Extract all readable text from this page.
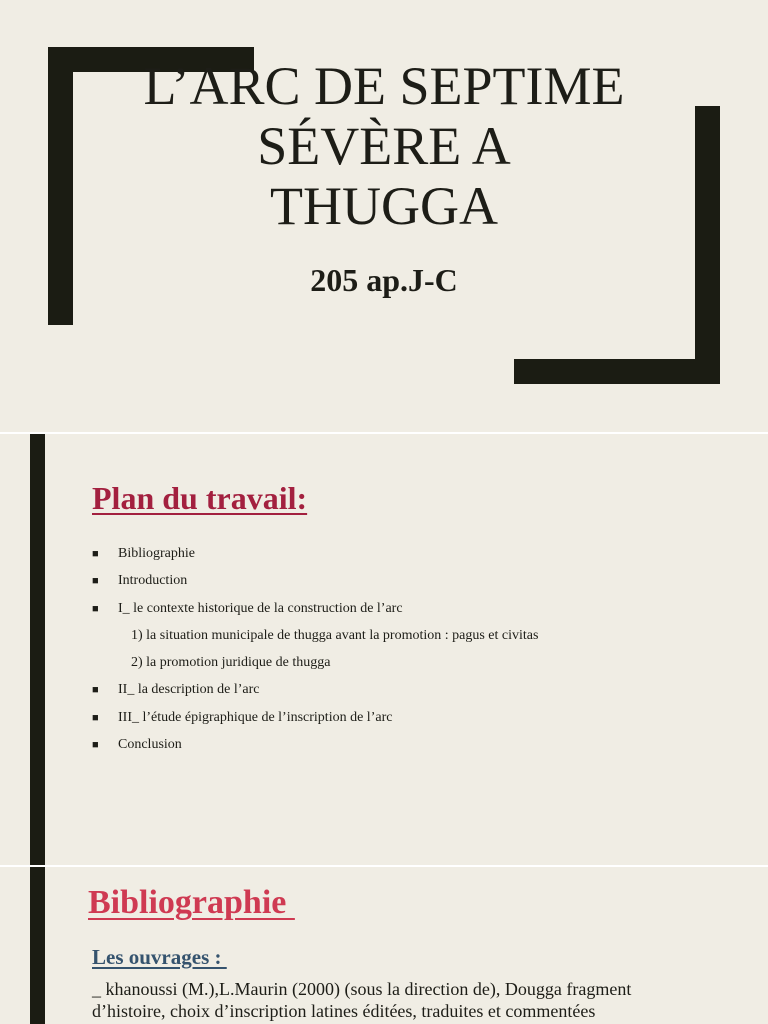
L’ARC DE SEPTIME
SÉVÈRE A
THUGGA

205 ap.J-C

Plan du travail:
■ Bibliographie
■ Introduction
■ I_ le contexte historique de la construction de l’arc
1) la situation municipale de thugga avant la promotion : pagus et civitas
2) la promotion juridique de thugga
■ II_ la description de l’arc
■ III_ l’étude épigraphique de l’inscription de l’arc
■ Conclusion
Bibliographie
Les ouvrages :

_ khanoussi (M.),L.Maurin (2000) (sous la direction de), Dougga fragment d’histoire, choix d’inscription latines éditées, traduites et commentées
